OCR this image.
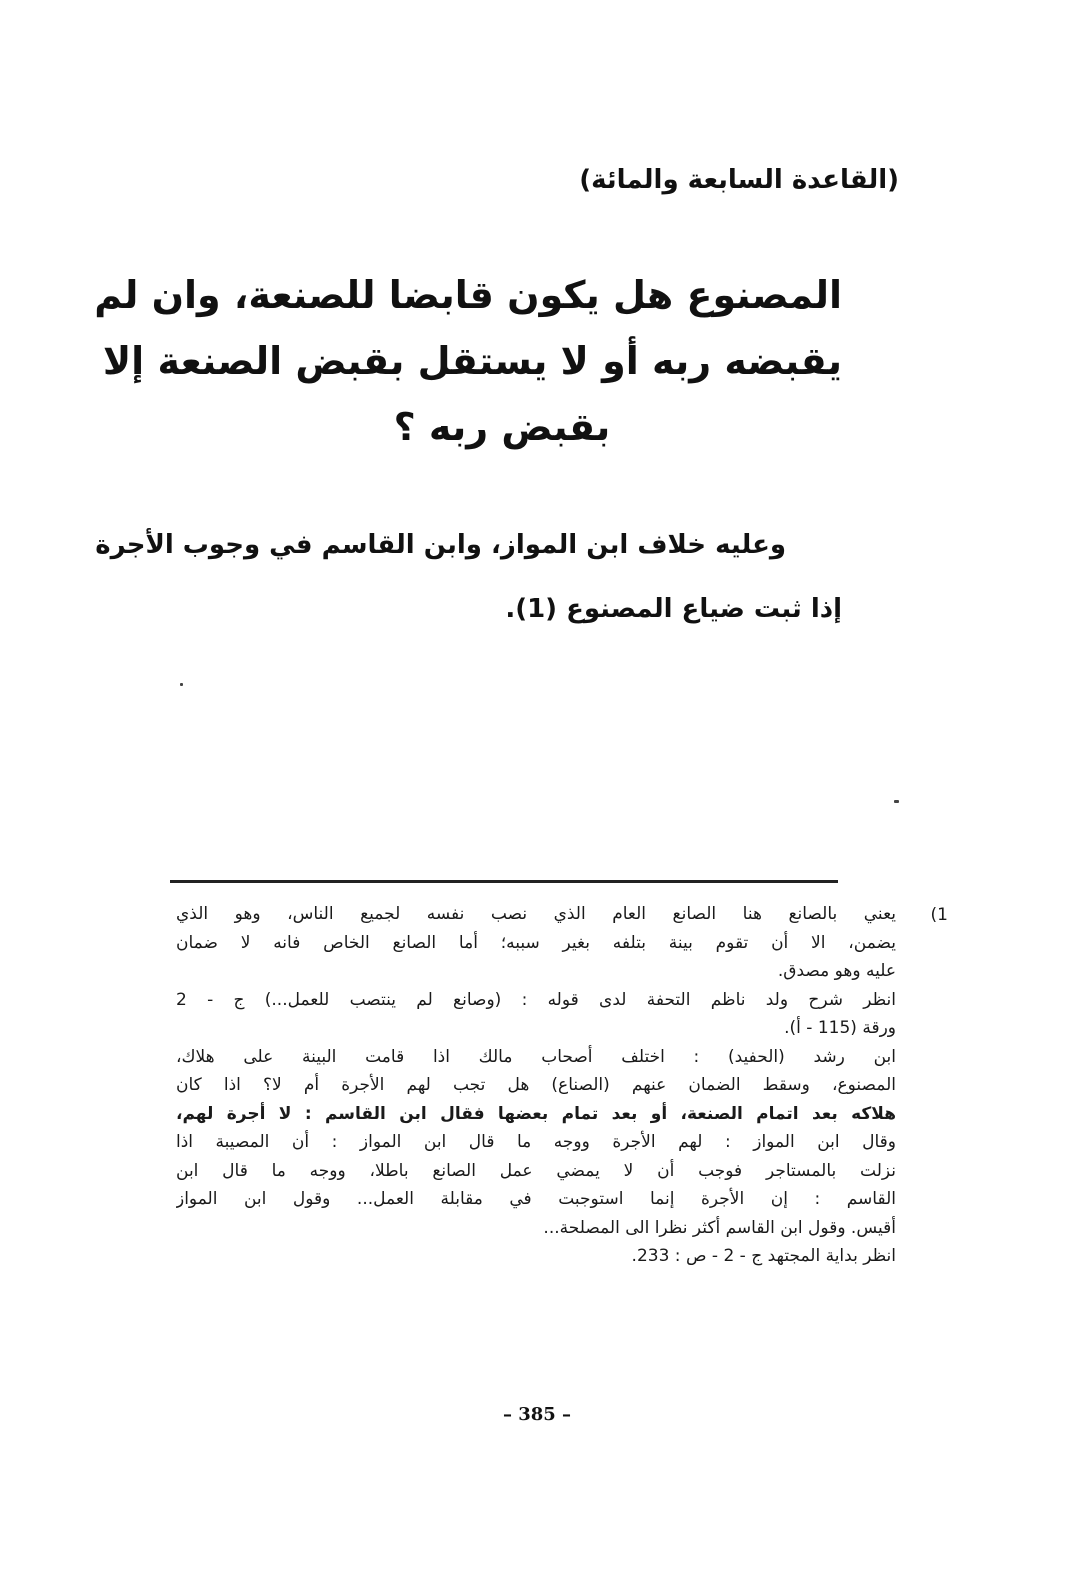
(القاعدة السابعة والمائة)
المصنوع هل يكون قابضا للصنعة، وان لم
يقبضه ربه أو لا يستقل بقبض الصنعة إلا
بقبض ربه ؟
وعليه خلاف ابن المواز، وابن القاسم في وجوب الأجرة
إذا ثبت ضياع المصنوع (1).
(1
يعني بالصانع هنا الصانع العام الذي نصب نفسه لجميع الناس، وهو الذي
يضمن، الا أن تقوم بينة بتلفه بغير سببه؛ أما الصانع الخاص فانه لا ضمان
عليه وهو مصدق.
انظر شرح ولد ناظم التحفة لدى قوله : (وصانع لم ينتصب للعمل...) ج - 2
ورقة (115 - أ).
ابن رشد (الحفيد) : اختلف أصحاب مالك اذا قامت البينة على هلاك،
المصنوع، وسقط الضمان عنهم (الصناع) هل تجب لهم الأجرة أم لا؟ اذا كان
هلاكه بعد اتمام الصنعة، أو بعد تمام بعضها فقال ابن القاسم : لا أجرة لهم،
وقال ابن المواز : لهم الأجرة ووجه ما قال ابن المواز : أن المصيبة اذا
نزلت بالمستاجر فوجب أن لا يمضي عمل الصانع باطلا، ووجه ما قال ابن
القاسم : إن الأجرة إنما استوجبت في مقابلة العمل... وقول ابن المواز
أقيس. وقول ابن القاسم أكثر نظرا الى المصلحة...
انظر بداية المجتهد ج - 2 - ص : 233.
– 385 –
